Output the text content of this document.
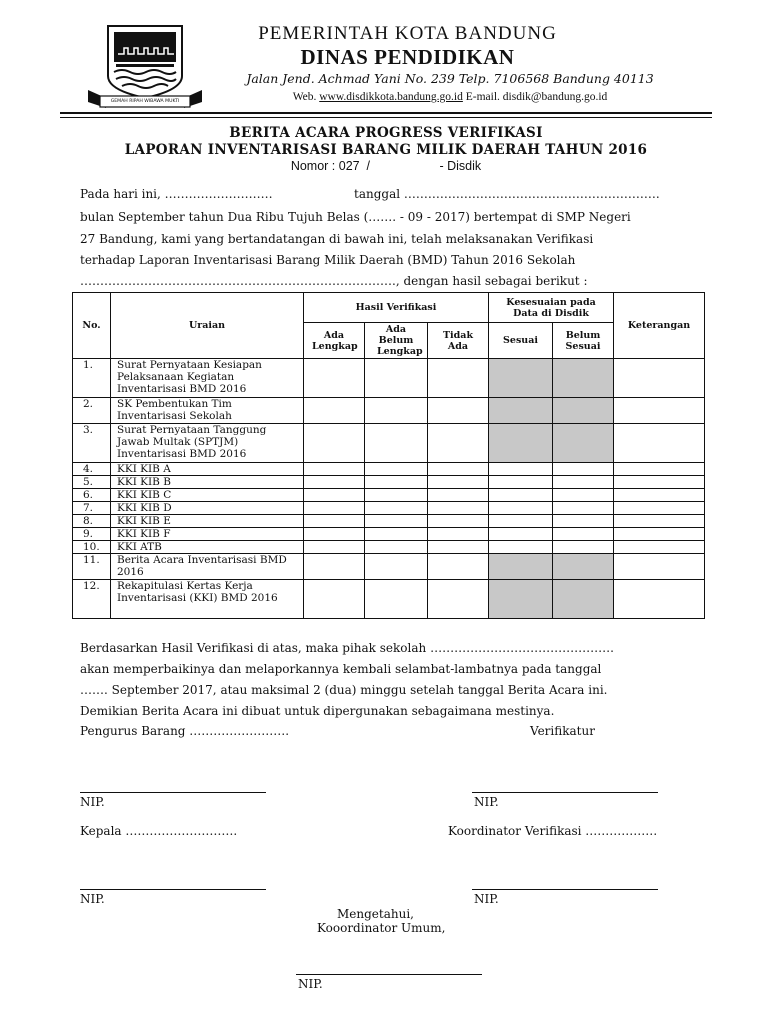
GEMAH RIPAH WIBAWA MUKTI
PEMERINTAH KOTA BANDUNG
DINAS PENDIDIKAN
Jalan Jend. Achmad Yani No. 239 Telp. 7106568 Bandung 40113
Web. www.disdikkota.bandung.go.id E-mail. disdik@bandung.go.id
BERITA ACARA PROGRESS VERIFIKASI
LAPORAN INVENTARISASI BARANG MILIK DAERAH TAHUN 2016
Nomor : 027  /                    - Disdik
Pada hari ini, ………………………	tanggal ……………………………………………………….
bulan September tahun Dua Ribu Tujuh Belas (……. - 09 - 2017) bertempat di SMP Negeri
27 Bandung, kami yang bertandatangan di bawah ini, telah melaksanakan Verifikasi
terhadap Laporan Inventarisasi Barang Milik Daerah (BMD) Tahun 2016 Sekolah
……………………………………………………………………., dengan hasil sebagai berikut :
No.	Uraian	Hasil Verifikasi			Kesesuaian pada Data di Disdik		Keterangan
		Ada Lengkap	Ada Belum Lengkap	Tidak Ada	Sesuai	Belum Sesuai	
1.	Surat Pernyataan Kesiapan Pelaksanaan Kegiatan Inventarisasi BMD 2016						
2.	SK Pembentukan Tim Inventarisasi Sekolah						
3.	Surat Pernyataan Tanggung Jawab Multak (SPTJM) Inventarisasi BMD 2016						
4.	KKI KIB A						
5.	KKI KIB B						
6.	KKI KIB C						
7.	KKI KIB D						
8.	KKI KIB E						
9.	KKI KIB F						
10.	KKI ATB						
11.	Berita Acara Inventarisasi BMD 2016						
12.	Rekapitulasi Kertas Kerja Inventarisasi (KKI) BMD 2016						
Berdasarkan Hasil Verifikasi di atas, maka pihak sekolah ……………………………………….
akan memperbaikinya dan melaporkannya kembali selambat-lambatnya pada tanggal
……. September 2017, atau maksimal 2 (dua) minggu setelah tanggal Berita Acara ini.
Demikian Berita Acara ini dibuat untuk dipergunakan sebagaimana mestinya.
Pengurus Barang …………………….	Verifikatur
NIP.	NIP.
Kepala ……………………….	Koordinator Verifikasi ………………
NIP.	NIP.
Mengetahui,
Kooordinator Umum,
NIP.
